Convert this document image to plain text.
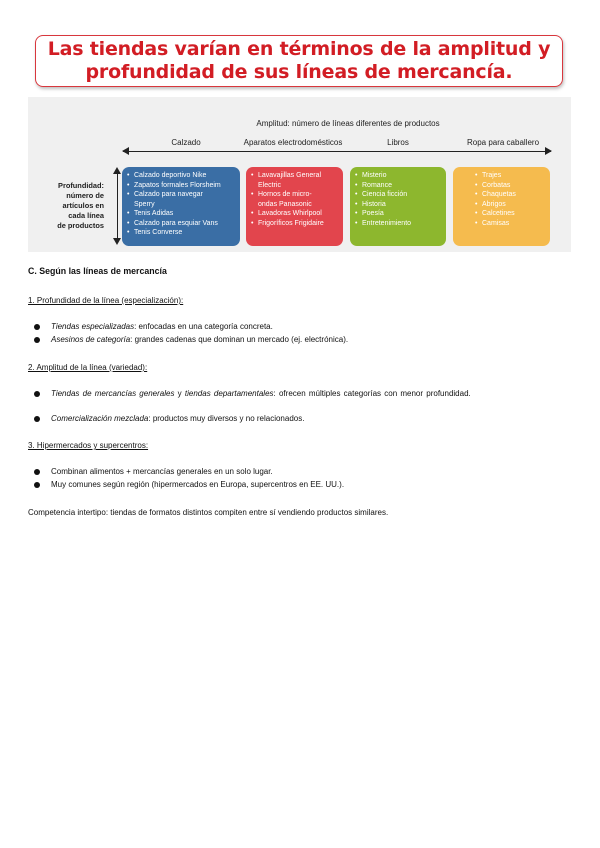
Las tiendas varían en términos de la amplitud y
profundidad de sus líneas de mercancía.
Amplitud: número de líneas diferentes de productos
Calzado	Aparatos electrodomésticos	Libros	Ropa para caballero
Profundidad:
número de
artículos en
cada línea
de productos
• Calzado deportivo Nike
• Zapatos formales Florsheim
• Calzado para navegar
Sperry
• Tenis Adidas
• Calzado para esquiar Vans
• Tenis Converse
• Lavavajillas General
Electric
• Hornos de micro-
ondas Panasonic
• Lavadoras Whirlpool
• Frigoríficos Frigidaire
• Misterio
• Romance
• Ciencia ficción
• Historia
• Poesía
• Entretenimiento
• Trajes
• Corbatas
• Chaquetas
• Abrigos
• Calcetines
• Camisas
C. Según las líneas de mercancía
1. Profundidad de la línea (especialización):
Tiendas especializadas: enfocadas en una categoría concreta.
Asesinos de categoría: grandes cadenas que dominan un mercado (ej. electrónica).
2. Amplitud de la línea (variedad):
Tiendas de mercancías generales y tiendas departamentales: ofrecen múltiples categorías con menor profundidad.
Comercialización mezclada: productos muy diversos y no relacionados.
3. Hipermercados y supercentros:
Combinan alimentos + mercancías generales en un solo lugar.
Muy comunes según región (hipermercados en Europa, supercentros en EE. UU.).
Competencia intertipo: tiendas de formatos distintos compiten entre sí vendiendo productos similares.
